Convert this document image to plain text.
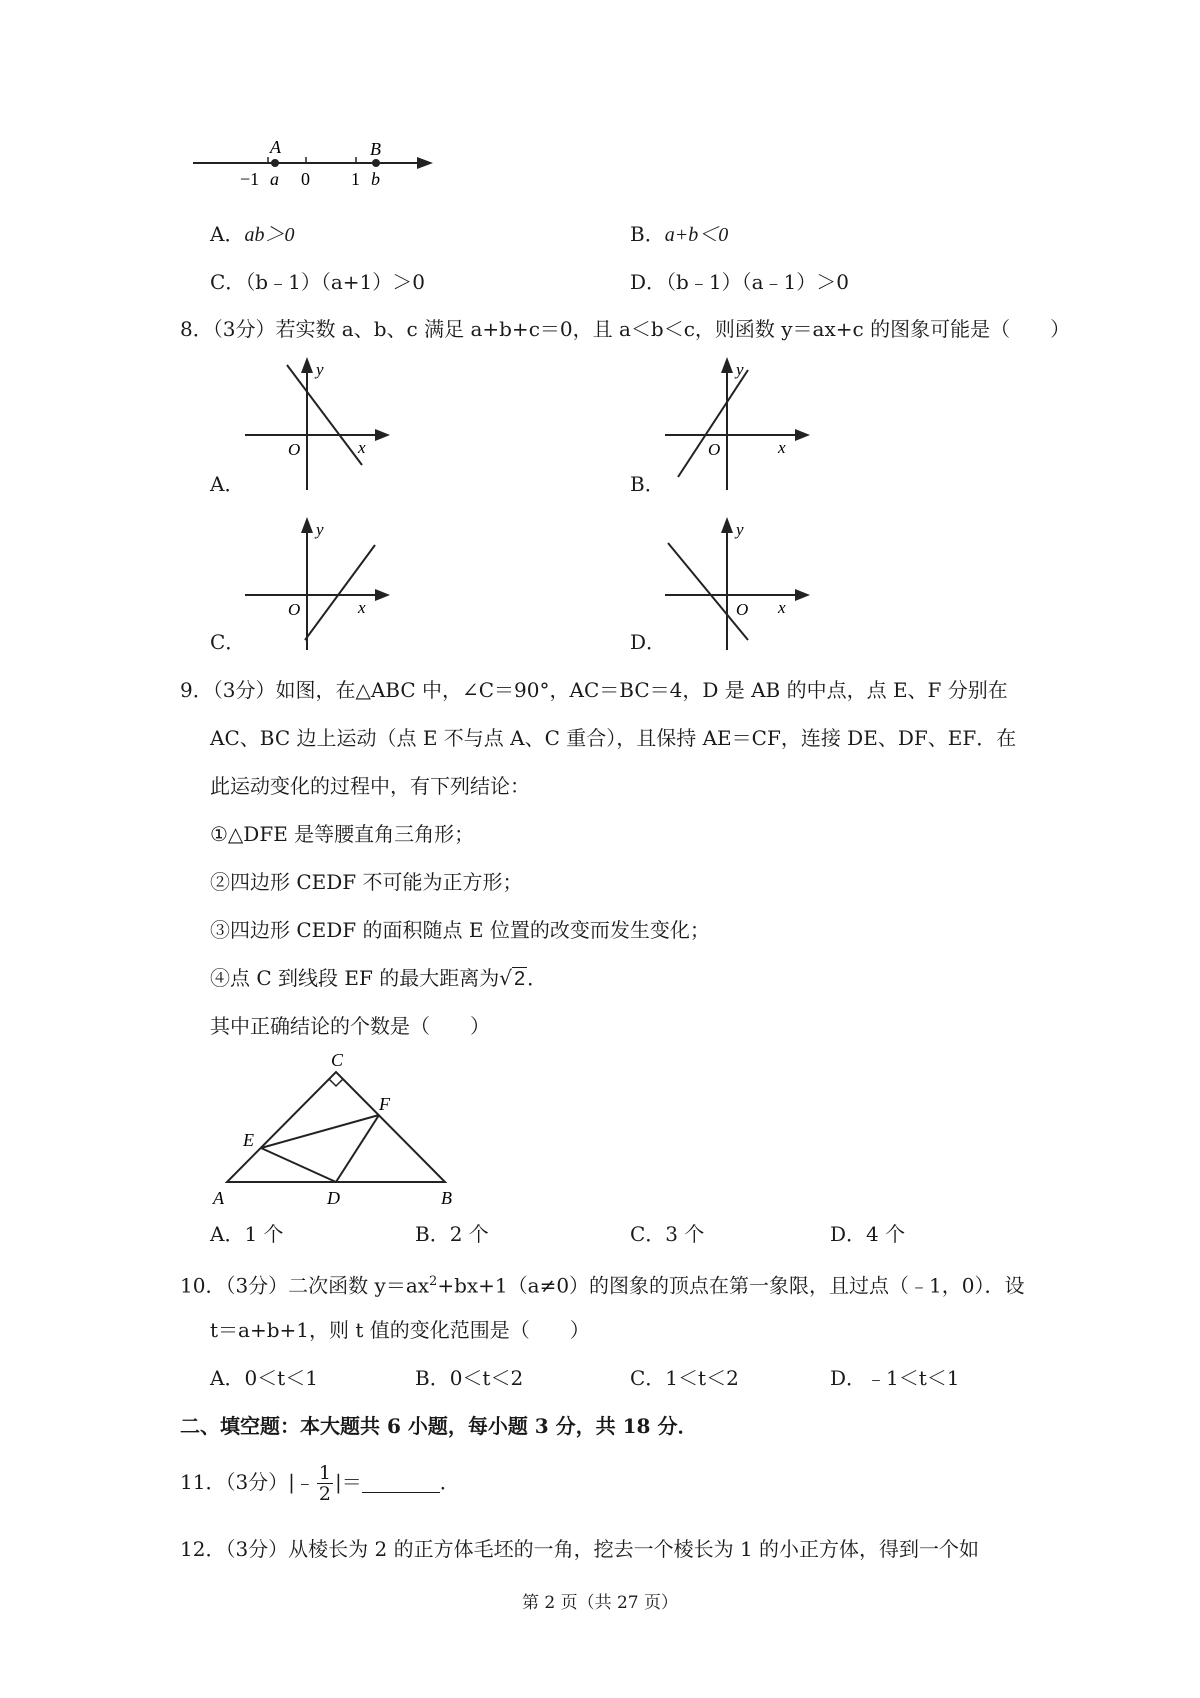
A	B
−1 a 0 1 b
A．ab＞0	B．a+b＜0
C．（b﹣1）（a+1）＞0	D．（b﹣1）（a﹣1）＞0
8．（3分）若实数 a、b、c 满足 a+b+c＝0，且 a＜b＜c，则函数 y＝ax+c 的图象可能是（　　）
y
x
O
A．
y
x
O
B．
y
x
O
C．
y
x
O
D．
9．（3分）如图，在△ABC 中，∠C＝90°，AC＝BC＝4，D 是 AB 的中点，点 E、F 分别在
AC、BC 边上运动（点 E 不与点 A、C 重合），且保持 AE＝CF，连接 DE、DF、EF．在
此运动变化的过程中，有下列结论：
①△DFE 是等腰直角三角形；
②四边形 CEDF 不可能为正方形；
③四边形 CEDF 的面积随点 E 位置的改变而发生变化；
④点 C 到线段 EF 的最大距离为√ 2 ．
其中正确结论的个数是（　　）
C
F
E
A	D	B
A．1 个	B．2 个	C．3 个	D．4 个
10．（3分）二次函数 $y=ax^2+bx+1(a\ne 0)$的图象的顶点在第一象限，且过点（﹣1，0）．设
t＝a+b+1，则 t 值的变化范围是（　　）
A．0＜t＜1	B．0＜t＜2	C．1＜t＜2	D．﹣1＜t＜1
二、填空题：本大题共 6 小题，每小题 3 分，共 18 分．
11．（3分）|﹣ $\frac{1}{2}$ |＝	．
12．（3分）从棱长为 2 的正方体毛坯的一角，挖去一个棱长为 1 的小正方体，得到一个如
第 2 页（共 27 页）
